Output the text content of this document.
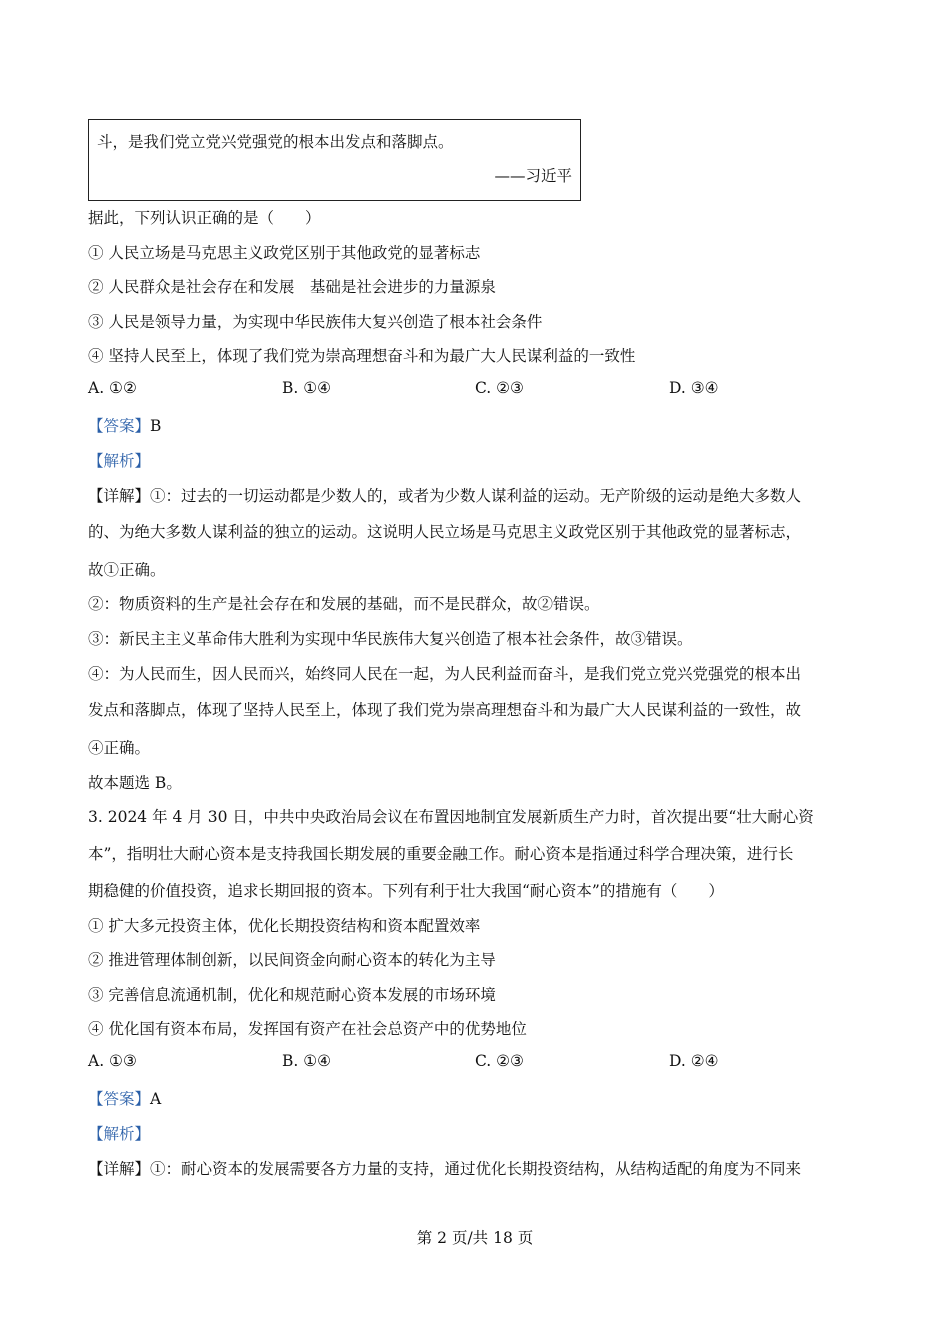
斗，是我们党立党兴党强党的根本出发点和落脚点。
——习近平
据此，下列认识正确的是（　　）
① 人民立场是马克思主义政党区别于其他政党的显著标志
② 人民群众是社会存在和发展　基础是社会进步的力量源泉
③ 人民是领导力量，为实现中华民族伟大复兴创造了根本社会条件
④ 坚持人民至上，体现了我们党为崇高理想奋斗和为最广大人民谋利益的一致性
A. ①②	B. ①④	C. ②③	D. ③④
【答案】B
【解析】
【详解】①：过去的一切运动都是少数人的，或者为少数人谋利益的运动。无产阶级的运动是绝大多数人
的、为绝大多数人谋利益的独立的运动。这说明人民立场是马克思主义政党区别于其他政党的显著标志，
故①正确。
②：物质资料的生产是社会存在和发展的基础，而不是民群众，故②错误。
③：新民主主义革命伟大胜利为实现中华民族伟大复兴创造了根本社会条件，故③错误。
④：为人民而生，因人民而兴，始终同人民在一起，为人民利益而奋斗，是我们党立党兴党强党的根本出
发点和落脚点，体现了坚持人民至上，体现了我们党为崇高理想奋斗和为最广大人民谋利益的一致性，故
④正确。
故本题选 B。
3. 2024 年 4 月 30 日，中共中央政治局会议在布置因地制宜发展新质生产力时，首次提出要“壮大耐心资
本”，指明壮大耐心资本是支持我国长期发展的重要金融工作。耐心资本是指通过科学合理决策，进行长
期稳健的价值投资，追求长期回报的资本。下列有利于壮大我国“耐心资本”的措施有（　　）
① 扩大多元投资主体，优化长期投资结构和资本配置效率
② 推进管理体制创新，以民间资金向耐心资本的转化为主导
③ 完善信息流通机制，优化和规范耐心资本发展的市场环境
④ 优化国有资本布局，发挥国有资产在社会总资产中的优势地位
A. ①③	B. ①④	C. ②③	D. ②④
【答案】A
【解析】
【详解】①：耐心资本的发展需要各方力量的支持，通过优化长期投资结构，从结构适配的角度为不同来
第 2 页/共 18 页
